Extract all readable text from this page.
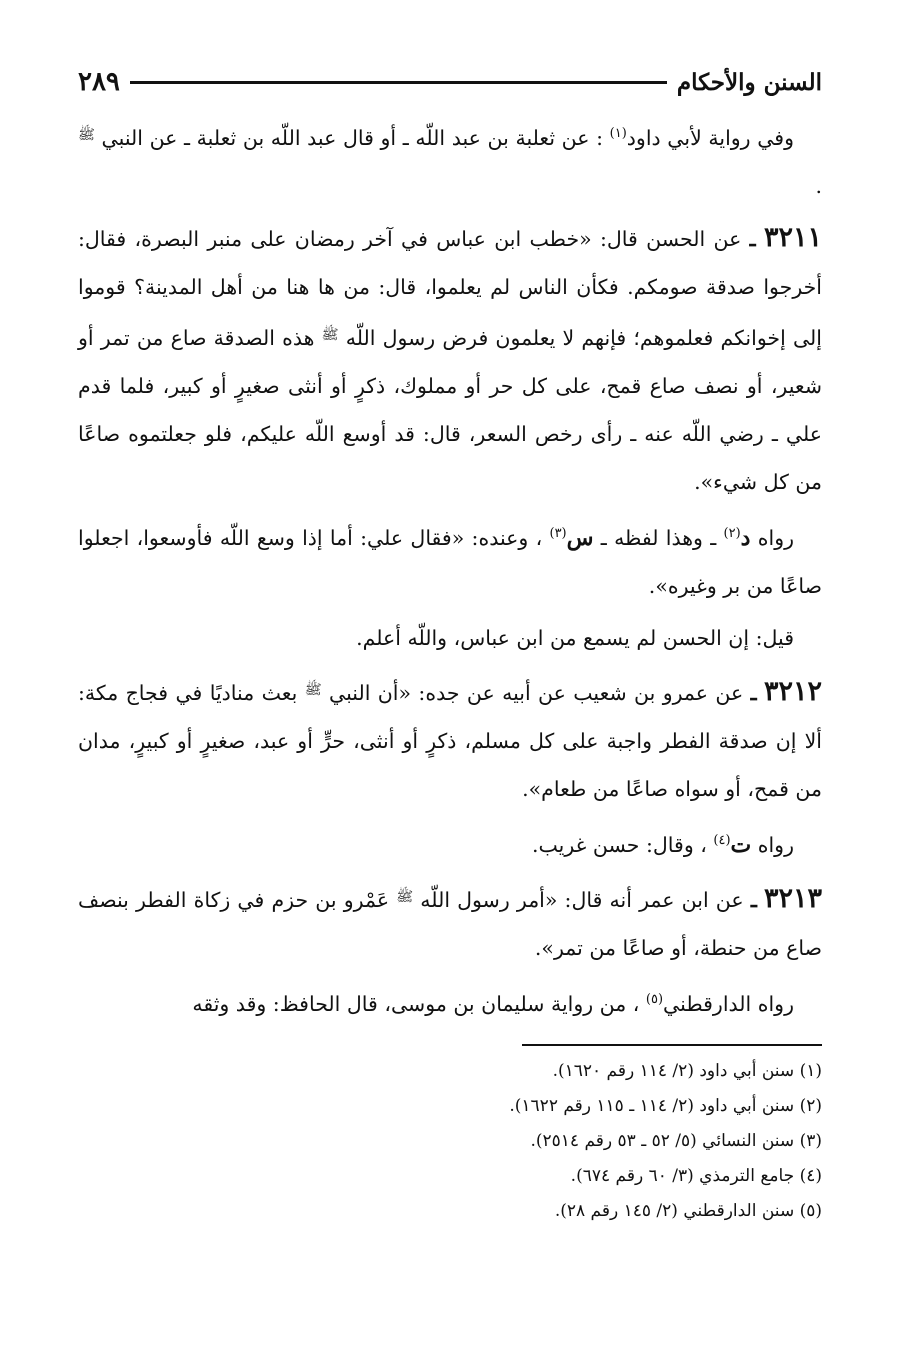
السنن والأحكام
٢٨٩

وفي رواية لأبي داود$^{(١)}$ : عن ثعلبة بن عبد اللّه ـ أو قال عبد اللّه بن ثعلبة ـ عن النبي $^ﷺ$ .

٣٢١١ ـ عن الحسن قال: «خطب ابن عباس في آخر رمضان على منبر البصرة، فقال: أخرجوا صدقة صومكم. فكأن الناس لم يعلموا، قال: من ها هنا من أهل المدينة؟ قوموا إلى إخوانكم فعلموهم؛ فإنهم لا يعلمون فرض رسول اللّه $^ﷺ$ هذه الصدقة صاع من تمر أو شعير، أو نصف صاع قمح، على كل حر أو مملوك، ذكرٍ أو أنثى صغيرٍ أو كبير، فلما قدم علي ـ رضي اللّه عنه ـ رأى رخص السعر، قال: قد أوسع اللّه عليكم، فلو جعلتموه صاعًا من كل شيء».

رواه د$^{(٢)}$ ـ وهذا لفظه ـ س$^{(٣)}$ ، وعنده: «فقال علي: أما إذا وسع اللّه فأوسعوا، اجعلوا صاعًا من بر وغيره».

قيل: إن الحسن لم يسمع من ابن عباس، واللّه أعلم.

٣٢١٢ ـ عن عمرو بن شعيب عن أبيه عن جده: «أن النبي $^ﷺ$ بعث مناديًا في فجاج مكة: ألا إن صدقة الفطر واجبة على كل مسلم، ذكرٍ أو أنثى، حرٍّ أو عبد، صغيرٍ أو كبيرٍ، مدان من قمح، أو سواه صاعًا من طعام».

رواه ت$^{(٤)}$ ، وقال: حسن غريب.

٣٢١٣ ـ عن ابن عمر أنه قال: «أمر رسول اللّه $^ﷺ$ عَمْرو بن حزم في زكاة الفطر بنصف صاع من حنطة، أو صاعًا من تمر».

رواه الدارقطني$^{(٥)}$ ، من رواية سليمان بن موسى، قال الحافظ: وقد وثقه

(١) سنن أبي داود (٢/ ١١٤ رقم ١٦٢٠).
(٢) سنن أبي داود (٢/ ١١٤ ـ ١١٥ رقم ١٦٢٢).
(٣) سنن النسائي (٥/ ٥٢ ـ ٥٣ رقم ٢٥١٤).
(٤) جامع الترمذي (٣/ ٦٠ رقم ٦٧٤).
(٥) سنن الدارقطني (٢/ ١٤٥ رقم ٢٨).
